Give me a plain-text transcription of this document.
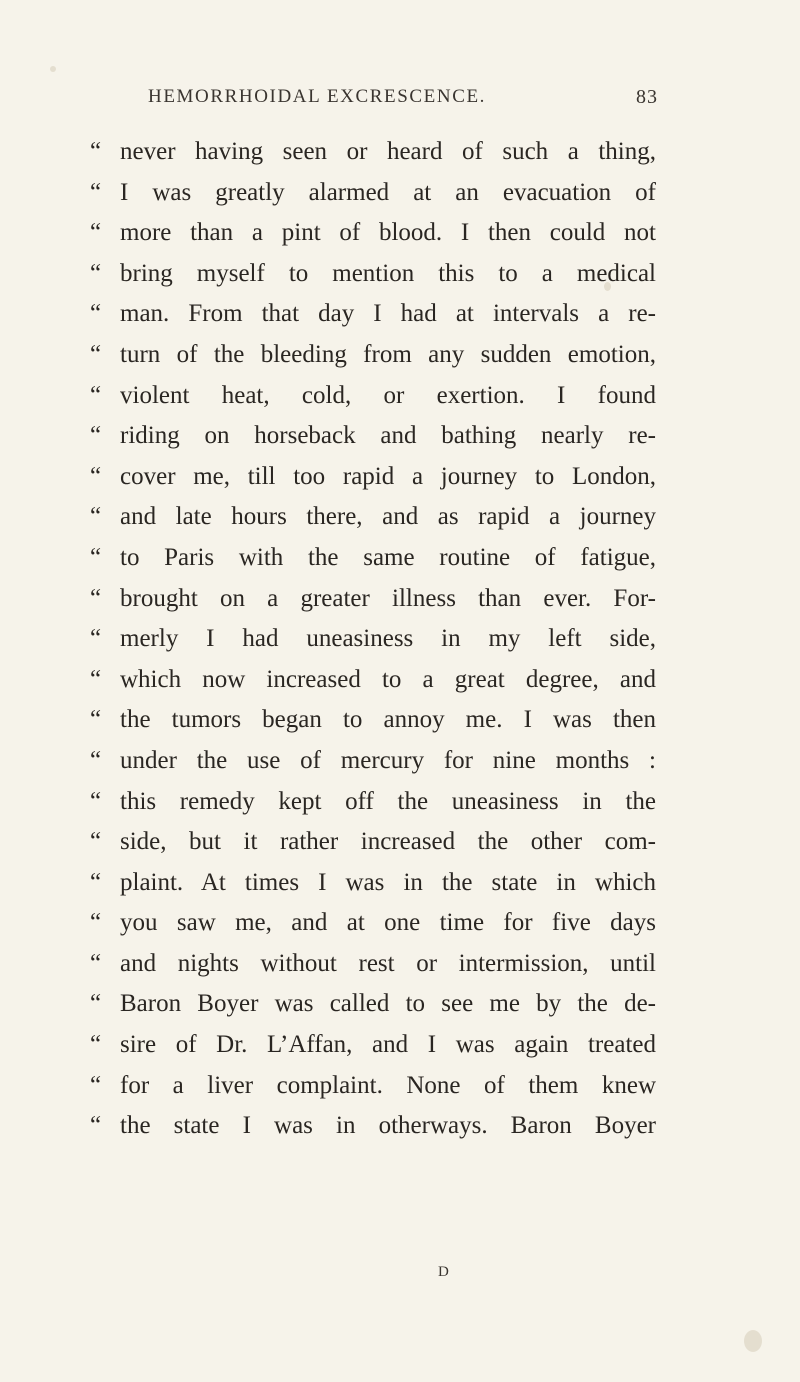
HEMORRHOIDAL EXCRESCENCE.	83
“ never having seen or heard of such a thing,
“ I was greatly alarmed at an evacuation of
“ more than a pint of blood. I then could not
“ bring myself to mention this to a medical
“ man. From that day I had at intervals a re-
“ turn of the bleeding from any sudden emotion,
“ violent heat, cold, or exertion. I found
“ riding on horseback and bathing nearly re-
“ cover me, till too rapid a journey to London,
“ and late hours there, and as rapid a journey
“ to Paris with the same routine of fatigue,
“ brought on a greater illness than ever. For-
“ merly I had uneasiness in my left side,
“ which now increased to a great degree, and
“ the tumors began to annoy me. I was then
“ under the use of mercury for nine months :
“ this remedy kept off the uneasiness in the
“ side, but it rather increased the other com-
“ plaint. At times I was in the state in which
“ you saw me, and at one time for five days
“ and nights without rest or intermission, until
“ Baron Boyer was called to see me by the de-
“ sire of Dr. L’Affan, and I was again treated
“ for a liver complaint. None of them knew
“ the state I was in otherways. Baron Boyer
D
